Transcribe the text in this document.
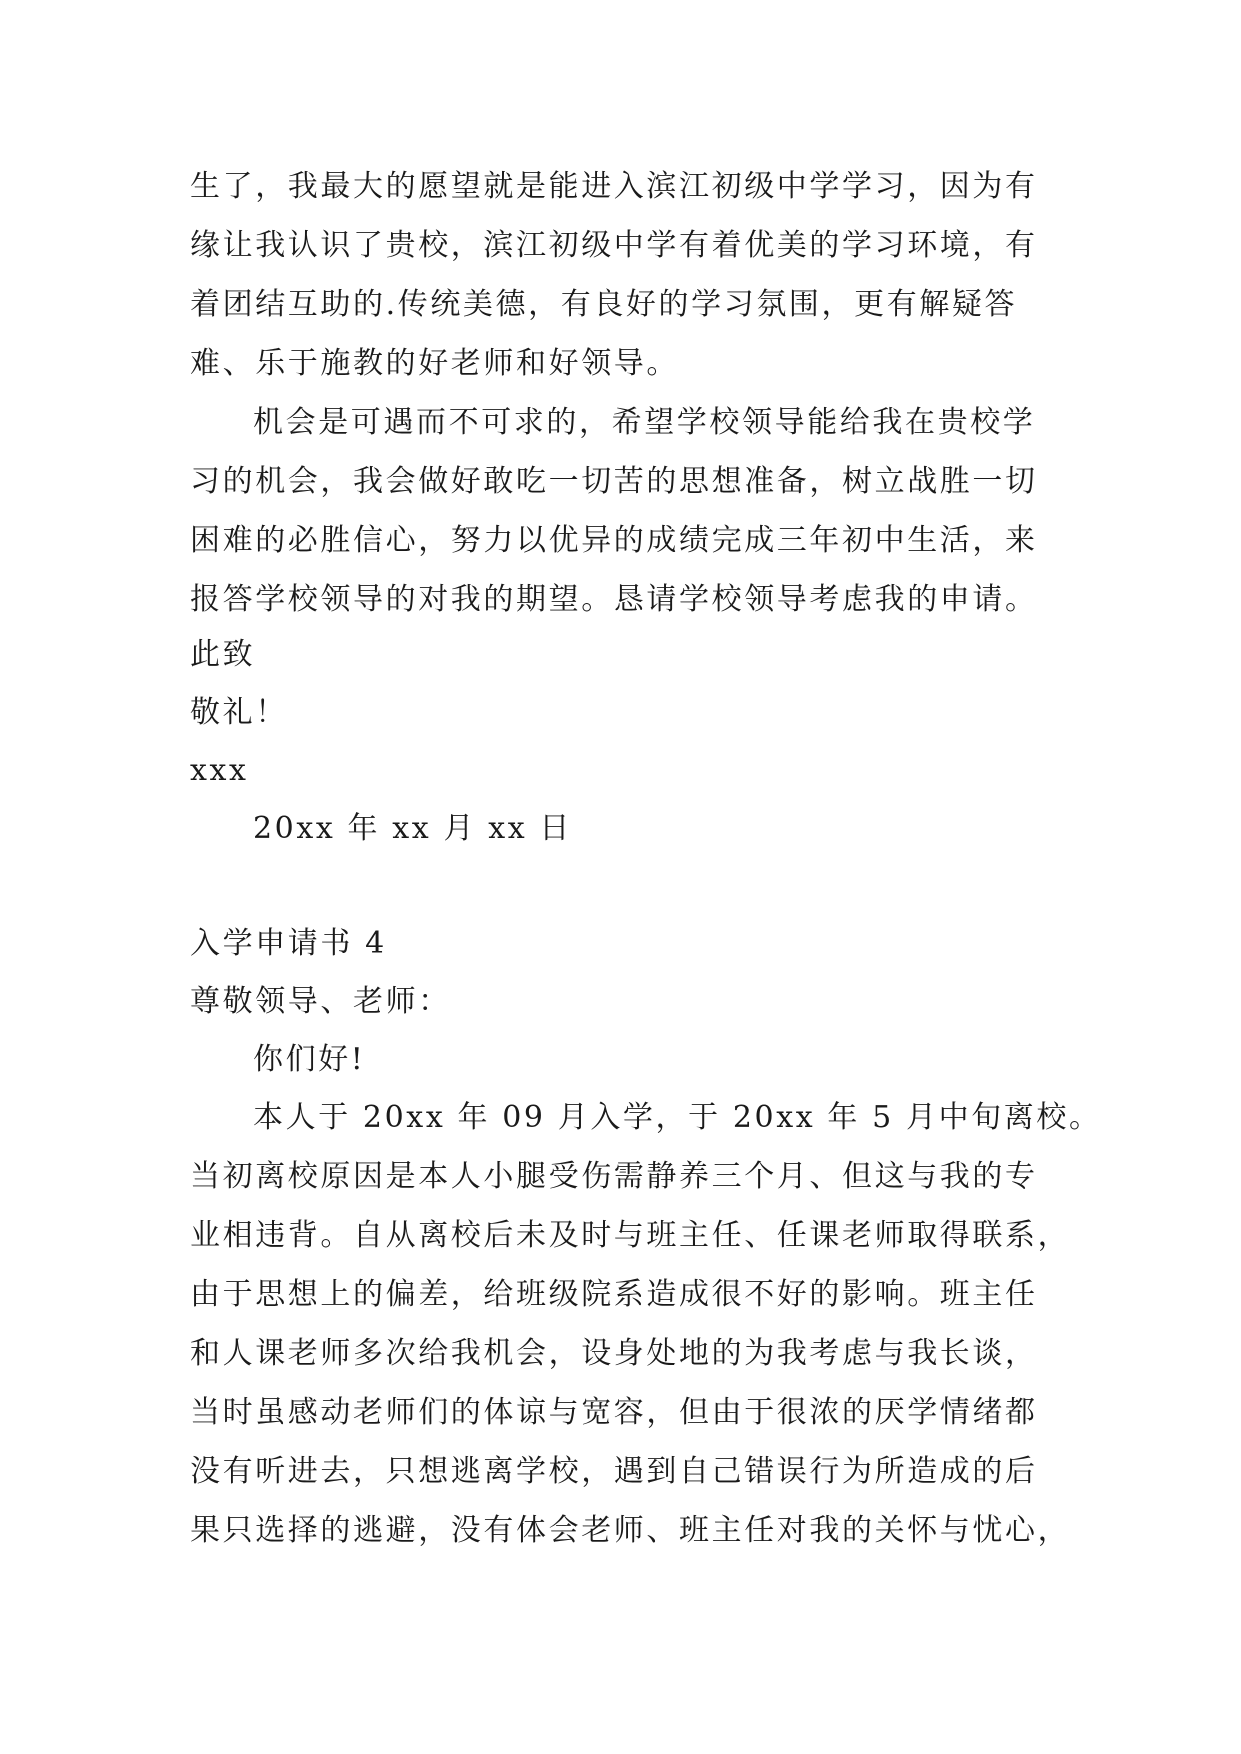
生了，我最大的愿望就是能进入滨江初级中学学习，因为有
缘让我认识了贵校，滨江初级中学有着优美的学习环境，有
着团结互助的.传统美德，有良好的学习氛围，更有解疑答
难、乐于施教的好老师和好领导。
机会是可遇而不可求的，希望学校领导能给我在贵校学
习的机会，我会做好敢吃一切苦的思想准备，树立战胜一切
困难的必胜信心，努力以优异的成绩完成三年初中生活，来
报答学校领导的对我的期望。恳请学校领导考虑我的申请。
此致
敬礼！
xxx
20xx 年 xx 月 xx 日
入学申请书 4
尊敬领导、老师：
你们好!
本人于 20xx 年 09 月入学，于 20xx 年 5 月中旬离校。
当初离校原因是本人小腿受伤需静养三个月、但这与我的专
业相违背。自从离校后未及时与班主任、任课老师取得联系，
由于思想上的偏差，给班级院系造成很不好的影响。班主任
和人课老师多次给我机会，设身处地的为我考虑与我长谈，
当时虽感动老师们的体谅与宽容，但由于很浓的厌学情绪都
没有听进去，只想逃离学校，遇到自己错误行为所造成的后
果只选择的逃避，没有体会老师、班主任对我的关怀与忧心，
